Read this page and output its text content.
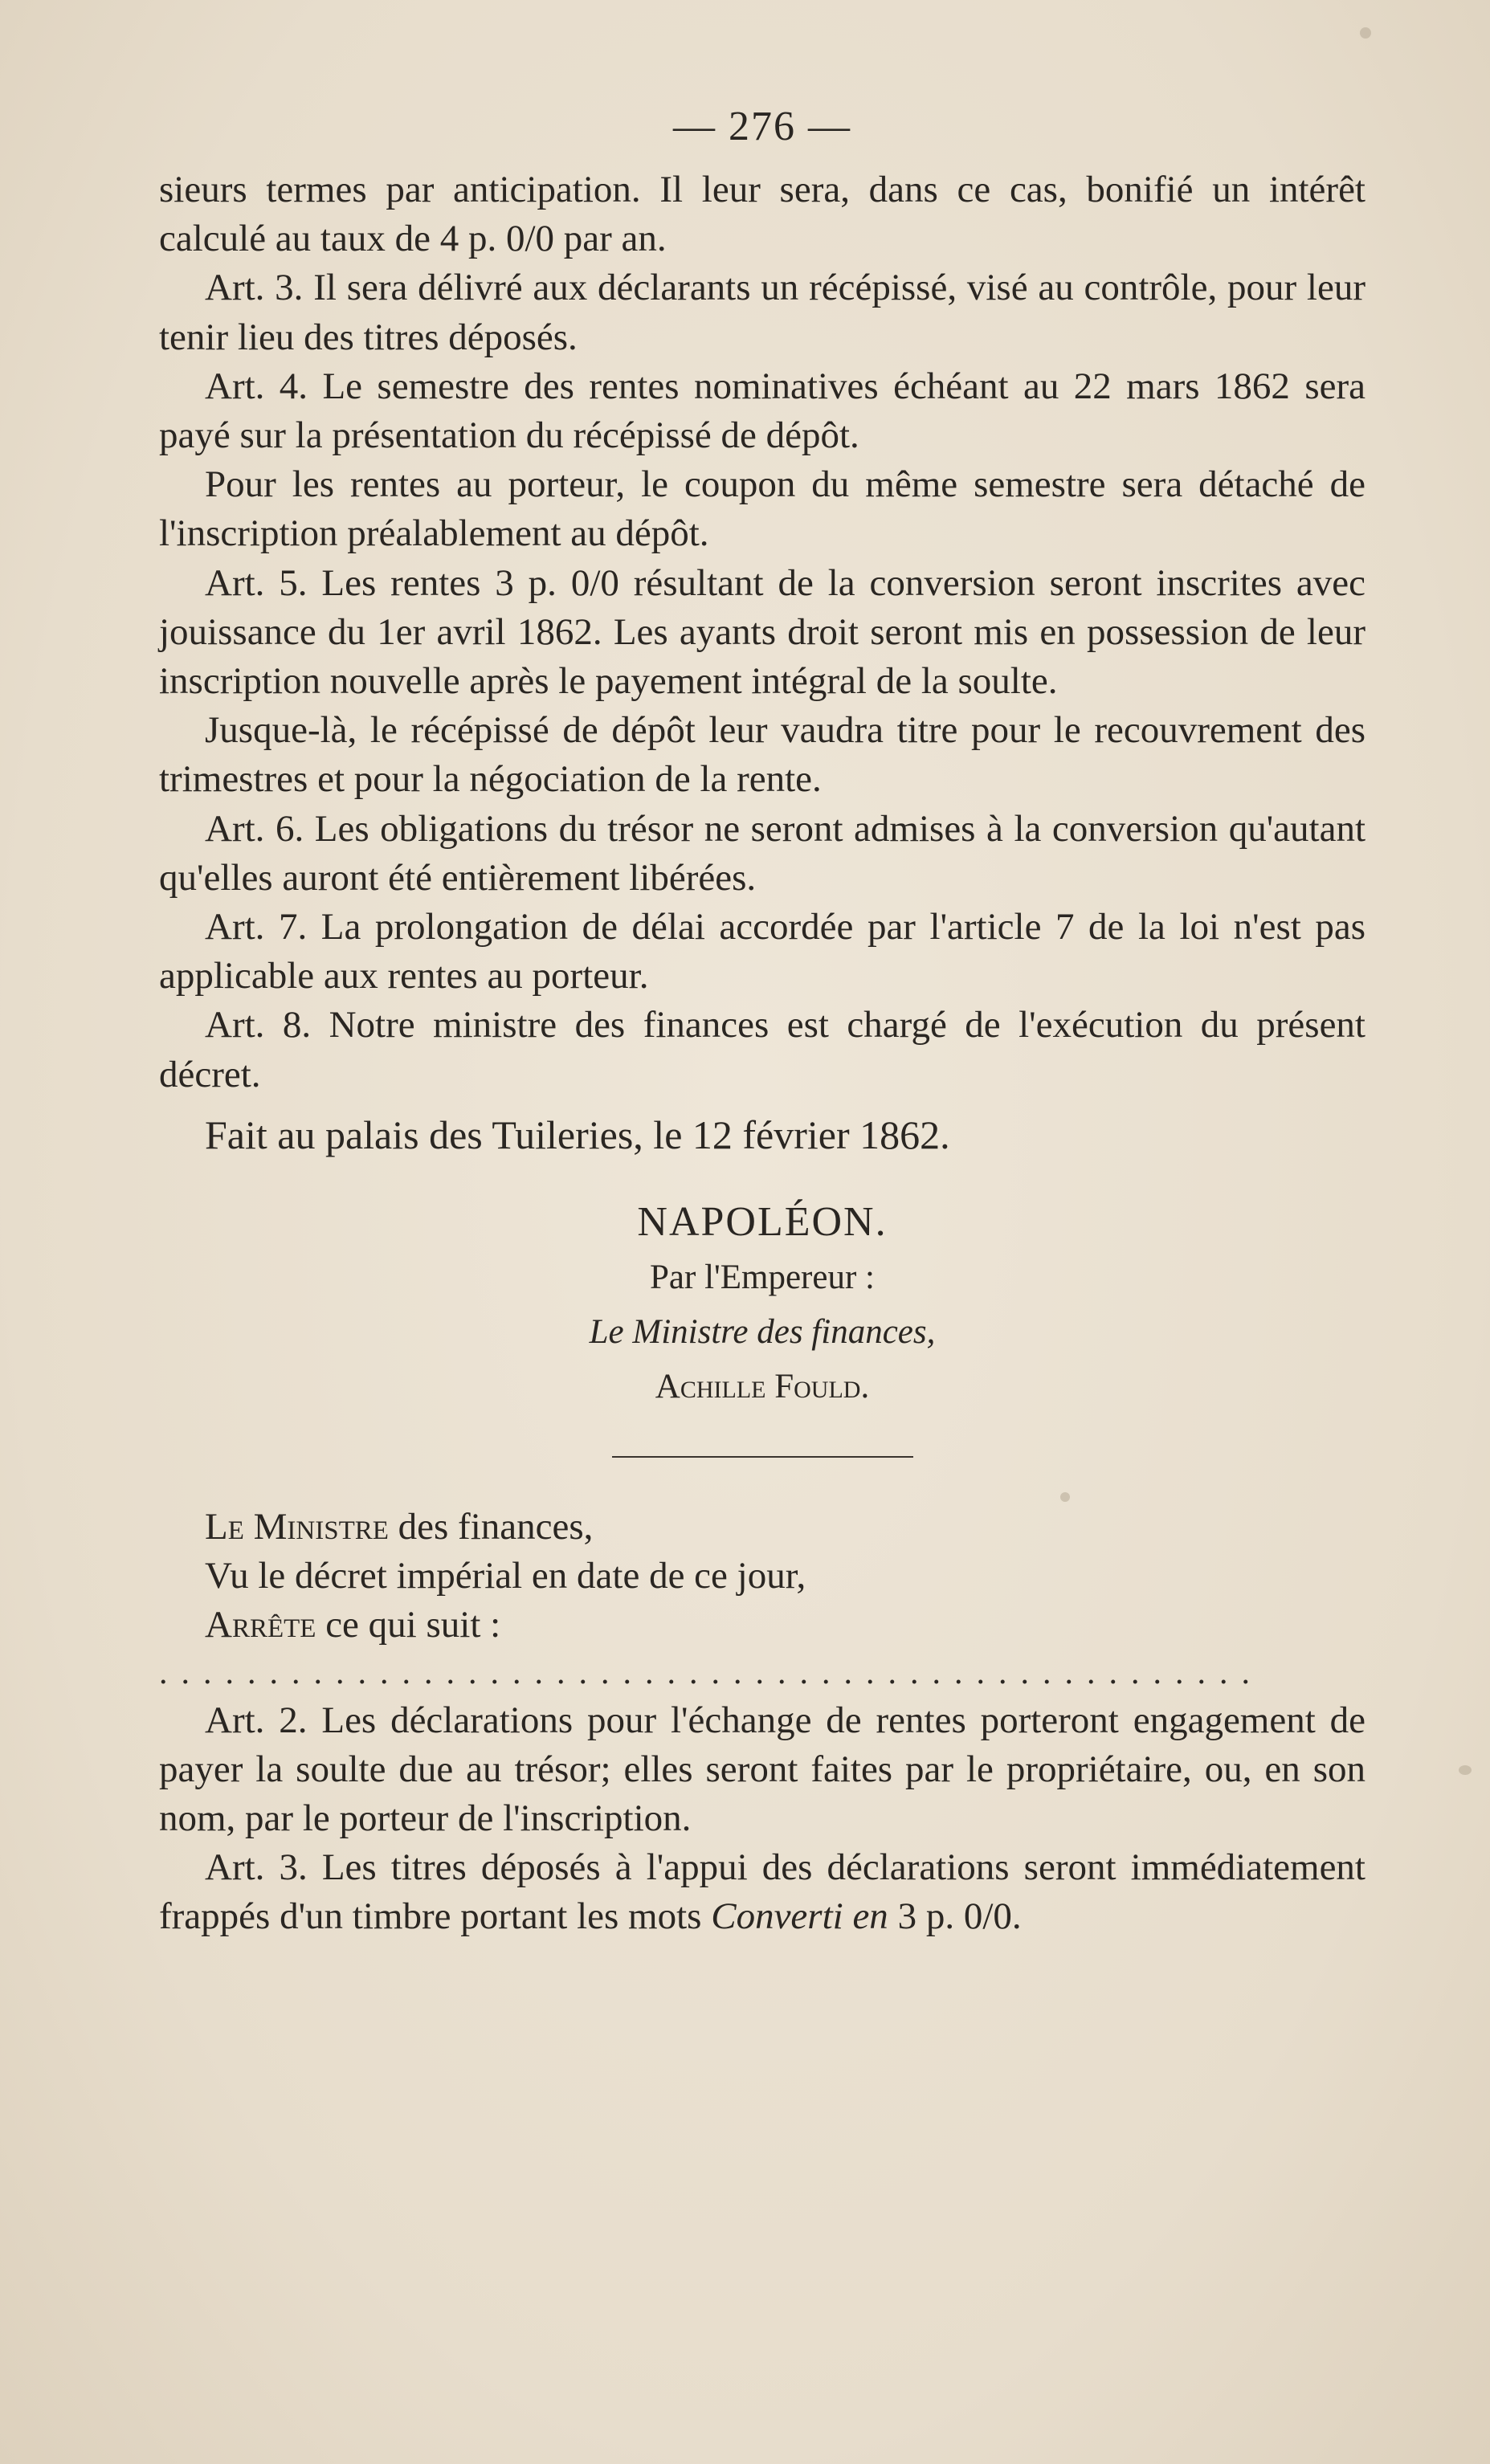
— 276 —

sieurs termes par anticipation. Il leur sera, dans ce cas, bonifié un intérêt calculé au taux de 4 p. 0/0 par an.

Art. 3. Il sera délivré aux déclarants un récépissé, visé au contrôle, pour leur tenir lieu des titres déposés.

Art. 4. Le semestre des rentes nominatives échéant au 22 mars 1862 sera payé sur la présentation du récépissé de dépôt.

Pour les rentes au porteur, le coupon du même semestre sera détaché de l'inscription préalablement au dépôt.

Art. 5. Les rentes 3 p. 0/0 résultant de la conversion seront inscrites avec jouissance du 1er avril 1862. Les ayants droit seront mis en possession de leur inscription nouvelle après le payement intégral de la soulte.

Jusque-là, le récépissé de dépôt leur vaudra titre pour le recouvrement des trimestres et pour la négociation de la rente.

Art. 6. Les obligations du trésor ne seront admises à la conversion qu'autant qu'elles auront été entièrement libérées.

Art. 7. La prolongation de délai accordée par l'article 7 de la loi n'est pas applicable aux rentes au porteur.

Art. 8. Notre ministre des finances est chargé de l'exécution du présent décret.

Fait au palais des Tuileries, le 12 février 1862.

NAPOLÉON.
Par l'Empereur :
Le Ministre des finances,
Achille Fould.

Le Ministre des finances,

Vu le décret impérial en date de ce jour,

Arrête ce qui suit :

..................................................

Art. 2. Les déclarations pour l'échange de rentes porteront engagement de payer la soulte due au trésor; elles seront faites par le propriétaire, ou, en son nom, par le porteur de l'inscription.

Art. 3. Les titres déposés à l'appui des déclarations seront immédiatement frappés d'un timbre portant les mots Converti en 3 p. 0/0.
